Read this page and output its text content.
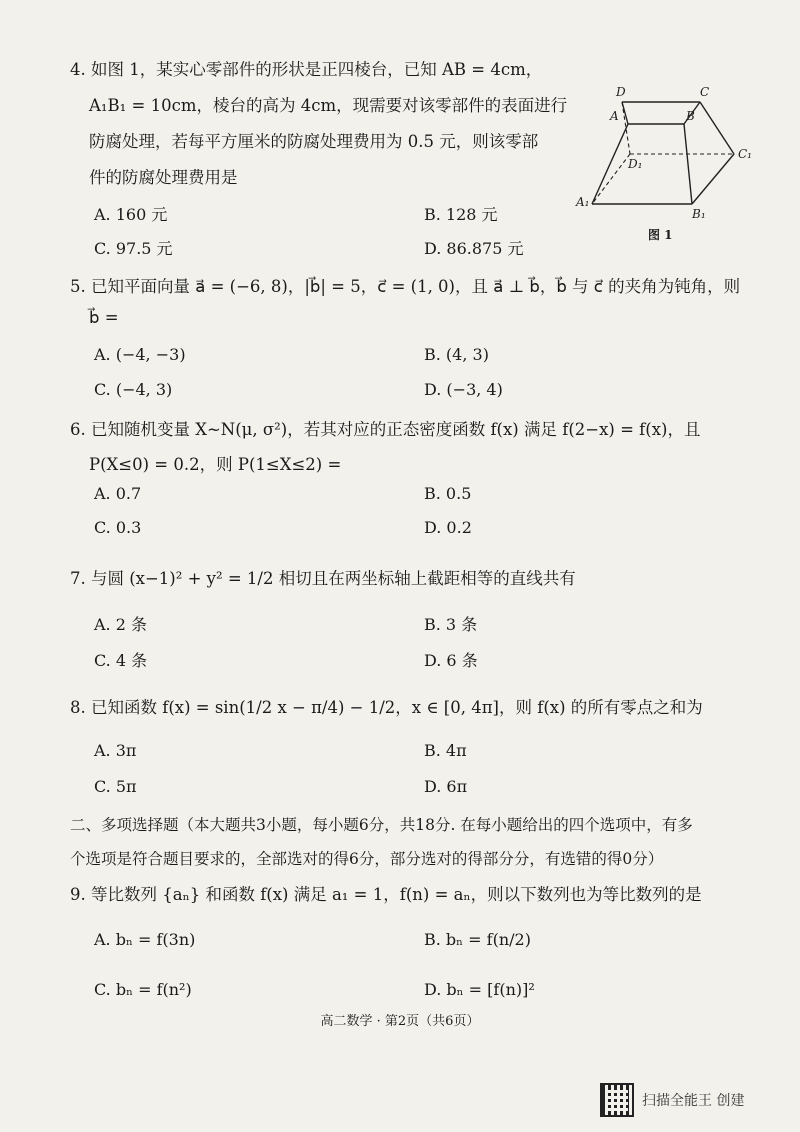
4. 如图 1，某实心零部件的形状是正四棱台，已知 AB = 4cm，
A₁B₁ = 10cm，棱台的高为 4cm，现需要对该零部件的表面进行
防腐处理，若每平方厘米的防腐处理费用为 0.5 元，则该零部
件的防腐处理费用是
A. 160 元	B. 128 元
C. 97.5 元	D. 86.875 元
D	C
A	B
D₁
C₁
A₁
B₁
图 1
5. 已知平面向量 a⃗ = (−6, 8)，|b⃗| = 5，c⃗ = (1, 0)，且 a⃗ ⊥ b⃗，b⃗ 与 c⃗ 的夹角为钝角，则
b⃗ =
A. (−4, −3)	B. (4, 3)
C. (−4, 3)	D. (−3, 4)
6. 已知随机变量 X~N(μ, σ²)，若其对应的正态密度函数 f(x) 满足 f(2−x) = f(x)，且
P(X≤0) = 0.2，则 P(1≤X≤2) =
A. 0.7	B. 0.5
C. 0.3	D. 0.2
7. 与圆 (x−1)² + y² = 1/2 相切且在两坐标轴上截距相等的直线共有
A. 2 条	B. 3 条
C. 4 条	D. 6 条
8. 已知函数 f(x) = sin(1/2 x − π/4) − 1/2，x ∈ [0, 4π]，则 f(x) 的所有零点之和为
A. 3π	B. 4π
C. 5π	D. 6π
二、多项选择题（本大题共3小题，每小题6分，共18分. 在每小题给出的四个选项中，有多
个选项是符合题目要求的，全部选对的得6分，部分选对的得部分分，有选错的得0分）
9. 等比数列 {aₙ} 和函数 f(x) 满足 a₁ = 1，f(n) = aₙ，则以下数列也为等比数列的是
A. bₙ = f(3n)	B. bₙ = f(n/2)
C. bₙ = f(n²)	D. bₙ = [f(n)]²
高二数学 · 第2页（共6页）
扫描全能王 创建
